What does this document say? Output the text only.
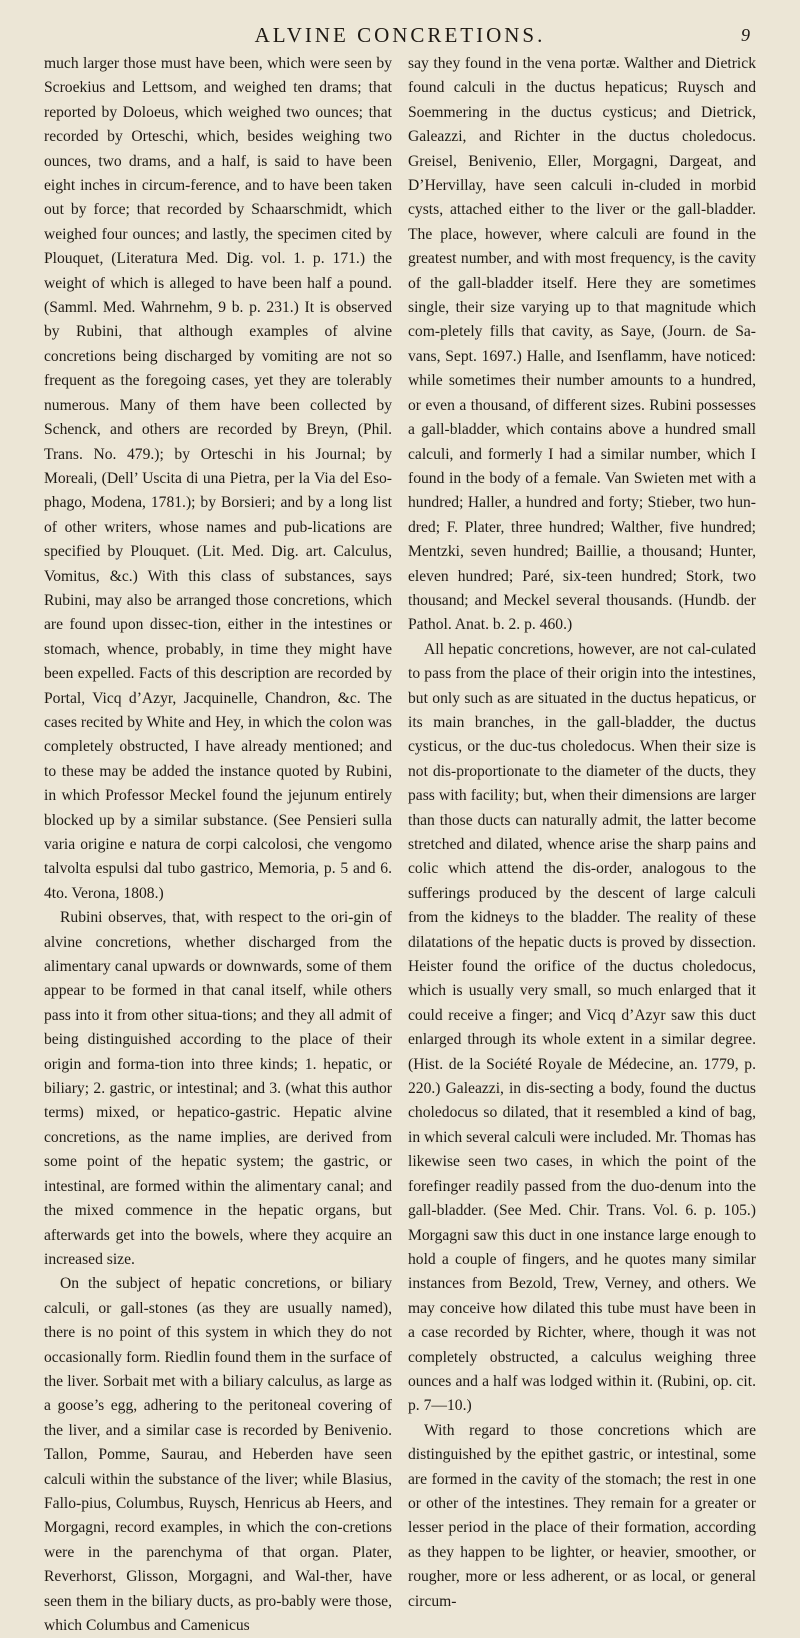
ALVINE CONCRETIONS.	9

much larger those must have been, which were seen by Scroekius and Lettsom, and weighed ten drams; that reported by Doloeus, which weighed two ounces; that recorded by Orteschi, which, besides weighing two ounces, two drams, and a half, is said to have been eight inches in circum-ference, and to have been taken out by force; that recorded by Schaarschmidt, which weighed four ounces; and lastly, the specimen cited by Plouquet, (Literatura Med. Dig. vol. 1. p. 171.) the weight of which is alleged to have been half a pound. (Samml. Med. Wahrnehm, 9 b. p. 231.) It is observed by Rubini, that although examples of alvine concretions being discharged by vomiting are not so frequent as the foregoing cases, yet they are tolerably numerous. Many of them have been collected by Schenck, and others are recorded by Breyn, (Phil. Trans. No. 479.); by Orteschi in his Journal; by Moreali, (Dell’ Uscita di una Pietra, per la Via del Eso-phago, Modena, 1781.); by Borsieri; and by a long list of other writers, whose names and pub-lications are specified by Plouquet. (Lit. Med. Dig. art. Calculus, Vomitus, &c.) With this class of substances, says Rubini, may also be arranged those concretions, which are found upon dissec-tion, either in the intestines or stomach, whence, probably, in time they might have been expelled. Facts of this description are recorded by Portal, Vicq d’Azyr, Jacquinelle, Chandron, &c. The cases recited by White and Hey, in which the colon was completely obstructed, I have already mentioned; and to these may be added the instance quoted by Rubini, in which Professor Meckel found the jejunum entirely blocked up by a similar substance. (See Pensieri sulla varia origine e natura de corpi calcolosi, che vengomo talvolta espulsi dal tubo gastrico, Memoria, p. 5 and 6. 4to. Verona, 1808.)

Rubini observes, that, with respect to the ori-gin of alvine concretions, whether discharged from the alimentary canal upwards or downwards, some of them appear to be formed in that canal itself, while others pass into it from other situa-tions; and they all admit of being distinguished according to the place of their origin and forma-tion into three kinds; 1. hepatic, or biliary; 2. gastric, or intestinal; and 3. (what this author terms) mixed, or hepatico-gastric. Hepatic alvine concretions, as the name implies, are derived from some point of the hepatic system; the gastric, or intestinal, are formed within the alimentary canal; and the mixed commence in the hepatic organs, but afterwards get into the bowels, where they acquire an increased size.

On the subject of hepatic concretions, or biliary calculi, or gall-stones (as they are usually named), there is no point of this system in which they do not occasionally form. Riedlin found them in the surface of the liver. Sorbait met with a biliary calculus, as large as a goose’s egg, adhering to the peritoneal covering of the liver, and a similar case is recorded by Benivenio. Tallon, Pomme, Saurau, and Heberden have seen calculi within the substance of the liver; while Blasius, Fallo-pius, Columbus, Ruysch, Henricus ab Heers, and Morgagni, record examples, in which the con-cretions were in the parenchyma of that organ. Plater, Reverhorst, Glisson, Morgagni, and Wal-ther, have seen them in the biliary ducts, as pro-bably were those, which Columbus and Camenicus

say they found in the vena portæ. Walther and Dietrick found calculi in the ductus hepaticus; Ruysch and Soemmering in the ductus cysticus; and Dietrick, Galeazzi, and Richter in the ductus choledocus. Greisel, Benivenio, Eller, Morgagni, Dargeat, and D’Hervillay, have seen calculi in-cluded in morbid cysts, attached either to the liver or the gall-bladder. The place, however, where calculi are found in the greatest number, and with most frequency, is the cavity of the gall-bladder itself. Here they are sometimes single, their size varying up to that magnitude which com-pletely fills that cavity, as Saye, (Journ. de Sa-vans, Sept. 1697.) Halle, and Isenflamm, have noticed: while sometimes their number amounts to a hundred, or even a thousand, of different sizes. Rubini possesses a gall-bladder, which contains above a hundred small calculi, and formerly I had a similar number, which I found in the body of a female. Van Swieten met with a hundred; Haller, a hundred and forty; Stieber, two hun-dred; F. Plater, three hundred; Walther, five hundred; Mentzki, seven hundred; Baillie, a thousand; Hunter, eleven hundred; Paré, six-teen hundred; Stork, two thousand; and Meckel several thousands. (Hundb. der Pathol. Anat. b. 2. p. 460.)

All hepatic concretions, however, are not cal-culated to pass from the place of their origin into the intestines, but only such as are situated in the ductus hepaticus, or its main branches, in the gall-bladder, the ductus cysticus, or the duc-tus choledocus. When their size is not dis-proportionate to the diameter of the ducts, they pass with facility; but, when their dimensions are larger than those ducts can naturally admit, the latter become stretched and dilated, whence arise the sharp pains and colic which attend the dis-order, analogous to the sufferings produced by the descent of large calculi from the kidneys to the bladder. The reality of these dilatations of the hepatic ducts is proved by dissection. Heister found the orifice of the ductus choledocus, which is usually very small, so much enlarged that it could receive a finger; and Vicq d’Azyr saw this duct enlarged through its whole extent in a similar degree. (Hist. de la Société Royale de Médecine, an. 1779, p. 220.) Galeazzi, in dis-secting a body, found the ductus choledocus so dilated, that it resembled a kind of bag, in which several calculi were included. Mr. Thomas has likewise seen two cases, in which the point of the forefinger readily passed from the duo-denum into the gall-bladder. (See Med. Chir. Trans. Vol. 6. p. 105.) Morgagni saw this duct in one instance large enough to hold a couple of fingers, and he quotes many similar instances from Bezold, Trew, Verney, and others. We may conceive how dilated this tube must have been in a case recorded by Richter, where, though it was not completely obstructed, a calculus weighing three ounces and a half was lodged within it. (Rubini, op. cit. p. 7—10.)

With regard to those concretions which are distinguished by the epithet gastric, or intestinal, some are formed in the cavity of the stomach; the rest in one or other of the intestines. They remain for a greater or lesser period in the place of their formation, according as they happen to be lighter, or heavier, smoother, or rougher, more or less adherent, or as local, or general circum-
